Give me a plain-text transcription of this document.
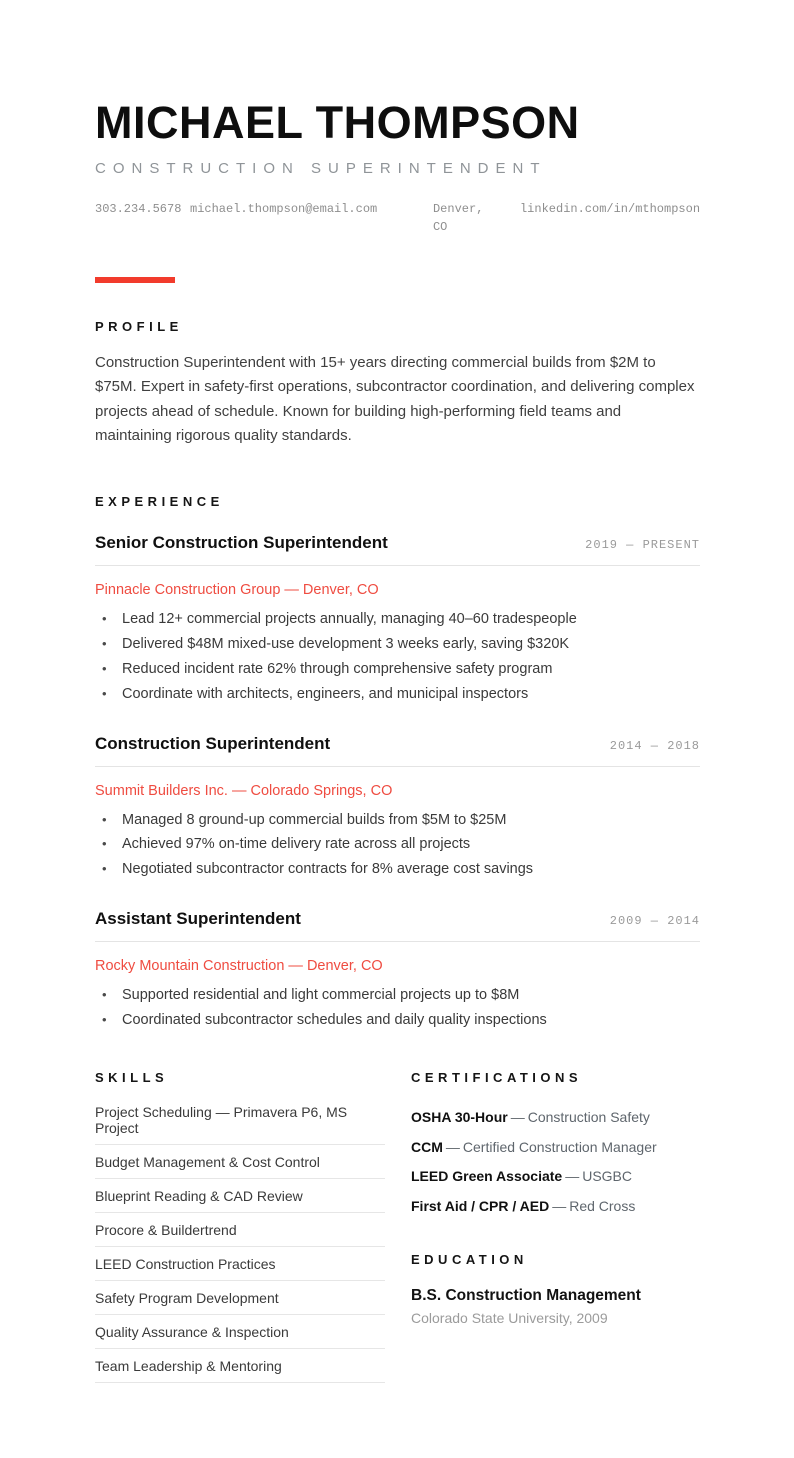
MICHAEL THOMPSON
CONSTRUCTION SUPERINTENDENT
303.234.5678 michael.thompson@email.com	Denver, CO
linkedin.com/in/mthompson
PROFILE

Construction Superintendent with 15+ years directing commercial builds from $2M to $75M. Expert in safety-first operations, subcontractor coordination, and delivering complex projects ahead of schedule. Known for building high-performing field teams and maintaining rigorous quality standards.

EXPERIENCE
Senior Construction Superintendent	2019 — PRESENT
Pinnacle Construction Group — Denver, CO
• Lead 12+ commercial projects annually, managing 40–60 tradespeople
• Delivered $48M mixed-use development 3 weeks early, saving $320K
• Reduced incident rate 62% through comprehensive safety program
• Coordinate with architects, engineers, and municipal inspectors
Construction Superintendent	2014 — 2018
Summit Builders Inc. — Colorado Springs, CO
• Managed 8 ground-up commercial builds from $5M to $25M
• Achieved 97% on-time delivery rate across all projects
• Negotiated subcontractor contracts for 8% average cost savings
Assistant Superintendent	2009 — 2014
Rocky Mountain Construction — Denver, CO
• Supported residential and light commercial projects up to $8M
• Coordinated subcontractor schedules and daily quality inspections
SKILLS
Project Scheduling — Primavera P6, MS Project
Budget Management & Cost Control
Blueprint Reading & CAD Review
Procore & Buildertrend
LEED Construction Practices
Safety Program Development
Quality Assurance & Inspection
Team Leadership & Mentoring
CERTIFICATIONS
OSHA 30-Hour — Construction Safety
CCM — Certified Construction Manager
LEED Green Associate — USGBC
First Aid / CPR / AED — Red Cross
EDUCATION
B.S. Construction Management
Colorado State University, 2009
